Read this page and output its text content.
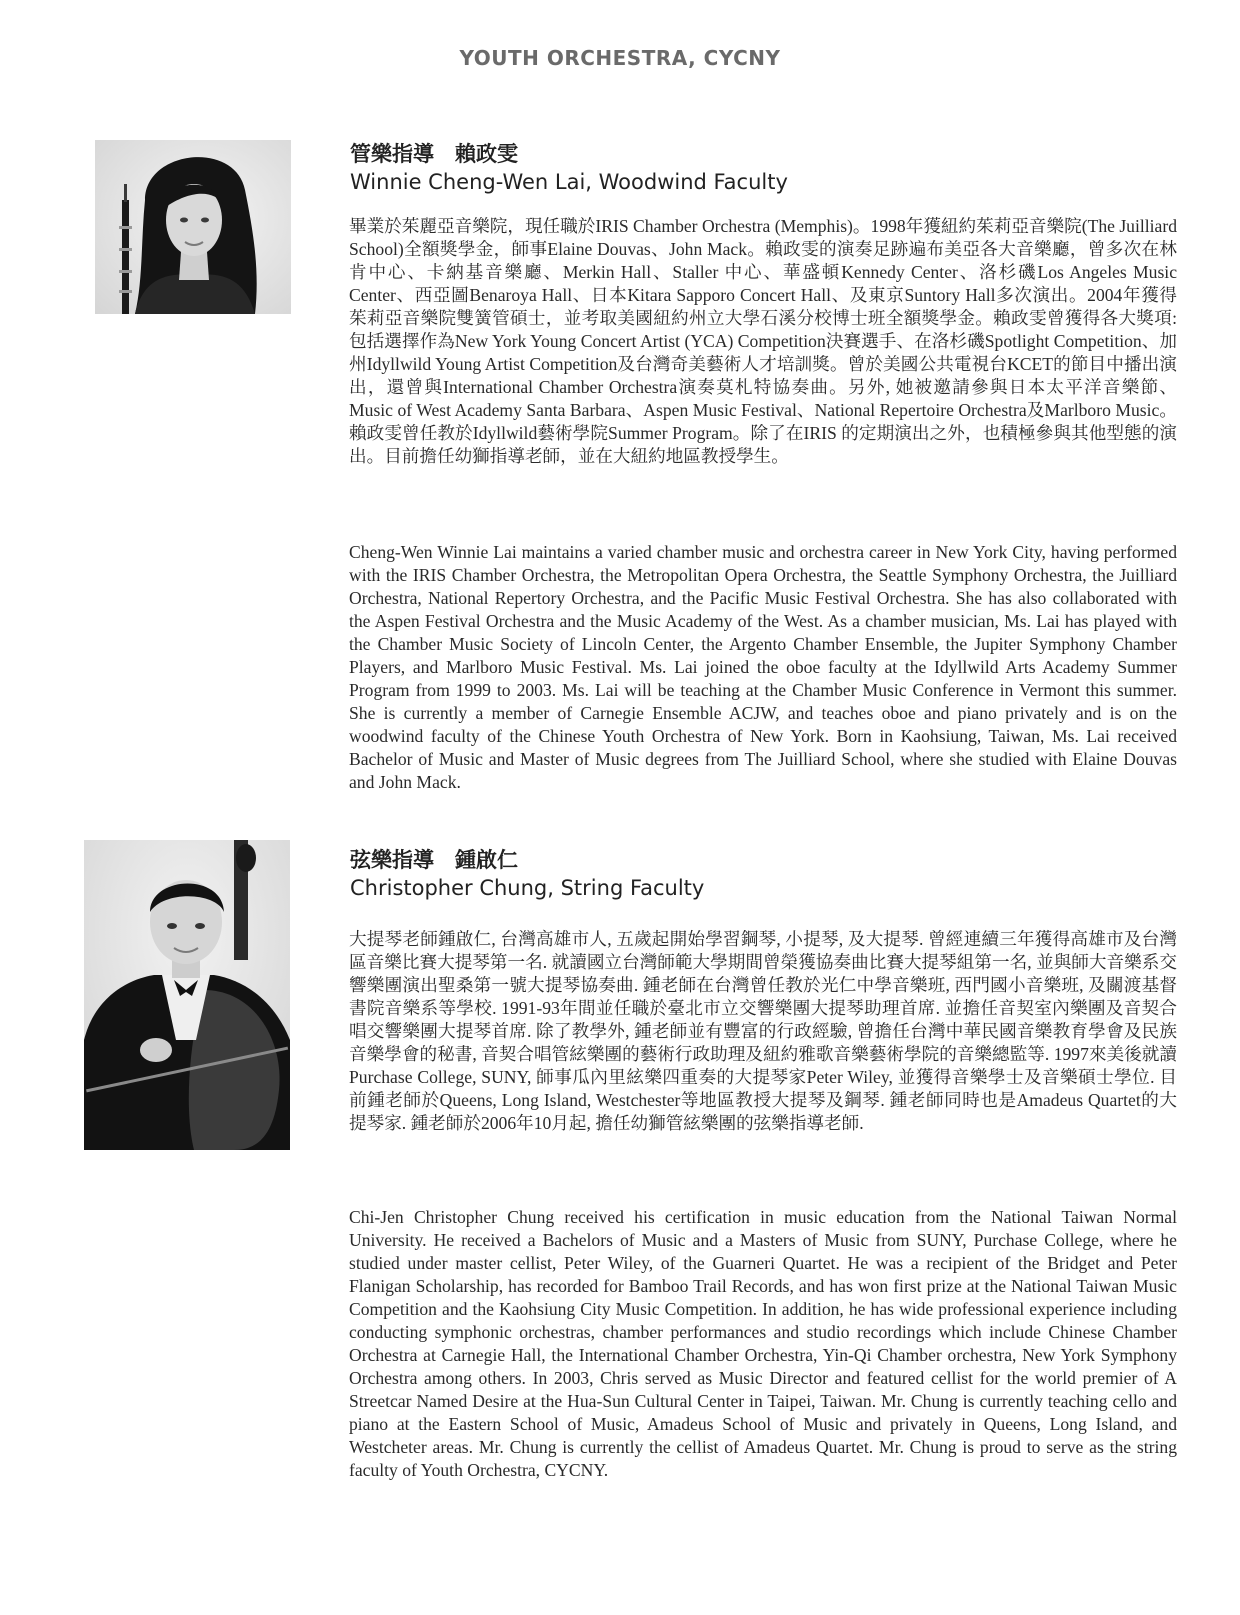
YOUTH ORCHESTRA, CYCNY
管樂指導　賴政雯
Winnie Cheng-Wen Lai, Woodwind Faculty

畢業於茱麗亞音樂院，現任職於IRIS Chamber Orchestra (Memphis)。1998年獲紐約茱莉亞音樂院(The Juilliard School)全額獎學金，師事Elaine Douvas、John Mack。賴政雯的演奏足跡遍布美亞各大音樂廳，曾多次在林肯中心、卡納基音樂廳、Merkin Hall、Staller 中心、華盛頓Kennedy Center、洛杉磯Los Angeles Music Center、西亞圖Benaroya Hall、日本Kitara Sapporo Concert Hall、及東京Suntory Hall多次演出。2004年獲得茱莉亞音樂院雙簧管碩士，並考取美國紐約州立大學石溪分校博士班全額獎學金。賴政雯曾獲得各大獎項: 包括選擇作為New York Young Concert Artist (YCA) Competition決賽選手、在洛杉磯Spotlight Competition、加州Idyllwild Young Artist Competition及台灣奇美藝術人才培訓獎。曾於美國公共電視台KCET的節目中播出演出，還曾與International Chamber Orchestra演奏莫札特協奏曲。另外, 她被邀請參與日本太平洋音樂節、Music of West Academy Santa Barbara、Aspen Music Festival、National Repertoire Orchestra及Marlboro Music。賴政雯曾任教於Idyllwild藝術學院Summer Program。除了在IRIS 的定期演出之外，也積極參與其他型態的演出。目前擔任幼獅指導老師，並在大紐約地區教授學生。

Cheng-Wen Winnie Lai maintains a varied chamber music and orchestra career in New York City, having performed with the IRIS Chamber Orchestra, the Metropolitan Opera Orchestra, the Seattle Symphony Orchestra, the Juilliard Orchestra, National Repertory Orchestra, and the Pacific Music Festival Orchestra. She has also collaborated with the Aspen Festival Orchestra and the Music Academy of the West. As a chamber musician, Ms. Lai has played with the Chamber Music Society of Lincoln Center, the Argento Chamber Ensemble, the Jupiter Symphony Chamber Players, and Marlboro Music Festival. Ms. Lai joined the oboe faculty at the Idyllwild Arts Academy Summer Program from 1999 to 2003. Ms. Lai will be teaching at the Chamber Music Conference in Vermont this summer. She is currently a member of Carnegie Ensemble ACJW, and teaches oboe and piano privately and is on the woodwind faculty of the Chinese Youth Orchestra of New York. Born in Kaohsiung, Taiwan, Ms. Lai received Bachelor of Music and Master of Music degrees from The Juilliard School, where she studied with Elaine Douvas and John Mack.

弦樂指導　鍾啟仁
Christopher Chung, String Faculty

大提琴老師鍾啟仁, 台灣高雄市人, 五歲起開始學習鋼琴, 小提琴, 及大提琴. 曾經連續三年獲得高雄市及台灣區音樂比賽大提琴第一名. 就讀國立台灣師範大學期間曾榮獲協奏曲比賽大提琴組第一名, 並與師大音樂系交響樂團演出聖桑第一號大提琴協奏曲. 鍾老師在台灣曾任教於光仁中學音樂班, 西門國小音樂班, 及關渡基督書院音樂系等學校. 1991-93年間並任職於臺北市立交響樂團大提琴助理首席. 並擔任音契室內樂團及音契合唱交響樂團大提琴首席. 除了教學外, 鍾老師並有豐富的行政經驗, 曾擔任台灣中華民國音樂教育學會及民族音樂學會的秘書, 音契合唱管絃樂團的藝術行政助理及紐約雅歌音樂藝術學院的音樂總監等. 1997來美後就讀 Purchase College, SUNY, 師事瓜內里絃樂四重奏的大提琴家Peter Wiley, 並獲得音樂學士及音樂碩士學位. 目前鍾老師於Queens, Long Island, Westchester等地區教授大提琴及鋼琴. 鍾老師同時也是Amadeus Quartet的大提琴家. 鍾老師於2006年10月起, 擔任幼獅管絃樂團的弦樂指導老師.

Chi-Jen Christopher Chung received his certification in music education from the National Taiwan Normal University. He received a Bachelors of Music and a Masters of Music from SUNY, Purchase College, where he studied under master cellist, Peter Wiley, of the Guarneri Quartet. He was a recipient of the Bridget and Peter Flanigan Scholarship, has recorded for Bamboo Trail Records, and has won first prize at the National Taiwan Music Competition and the Kaohsiung City Music Competition. In addition, he has wide professional experience including conducting symphonic orchestras, chamber performances and studio recordings which include Chinese Chamber Orchestra at Carnegie Hall, the International Chamber Orchestra, Yin-Qi Chamber orchestra, New York Symphony Orchestra among others. In 2003, Chris served as Music Director and featured cellist for the world premier of A Streetcar Named Desire at the Hua-Sun Cultural Center in Taipei, Taiwan. Mr. Chung is currently teaching cello and piano at the Eastern School of Music, Amadeus School of Music and privately in Queens, Long Island, and Westcheter areas. Mr. Chung is currently the cellist of Amadeus Quartet. Mr. Chung is proud to serve as the string faculty of Youth Orchestra, CYCNY.
